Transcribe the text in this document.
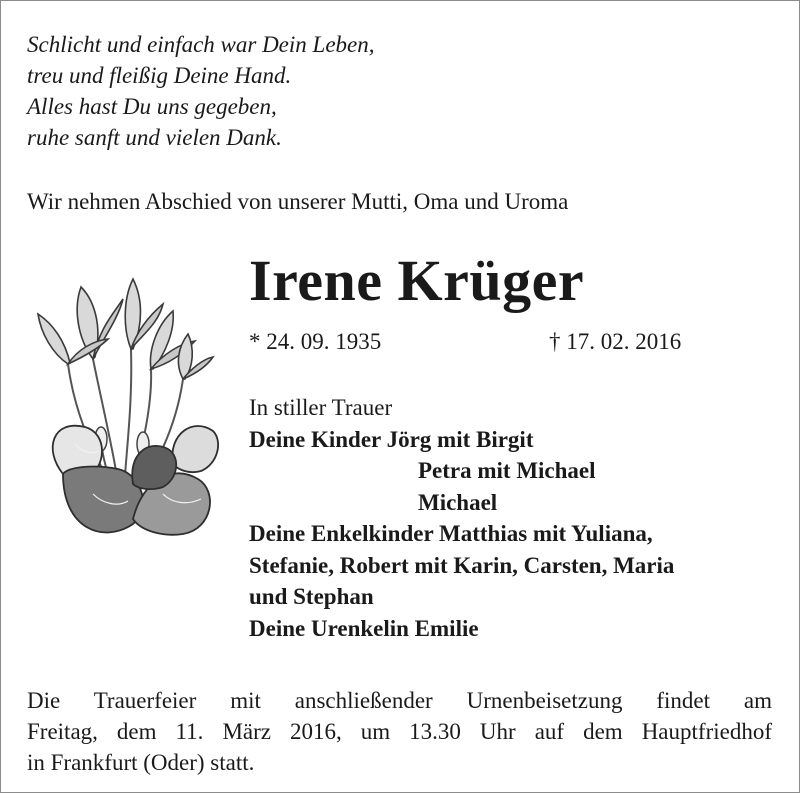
Schlicht und einfach war Dein Leben,
treu und fleißig Deine Hand.
Alles hast Du uns gegeben,
ruhe sanft und vielen Dank.
Wir nehmen Abschied von unserer Mutti, Oma und Uroma
Irene Krüger
* 24. 09. 1935	† 17. 02. 2016
In stiller Trauer
Deine Kinder Jörg mit Birgit
Petra mit Michael
Michael
Deine Enkelkinder Matthias mit Yuliana,
Stefanie, Robert mit Karin, Carsten, Maria
und Stephan
Deine Urenkelin Emilie
Die Trauerfeier mit anschließender Urnenbeisetzung findet am
Freitag, dem 11. März 2016, um 13.30 Uhr auf dem Hauptfriedhof
in Frankfurt (Oder) statt.
